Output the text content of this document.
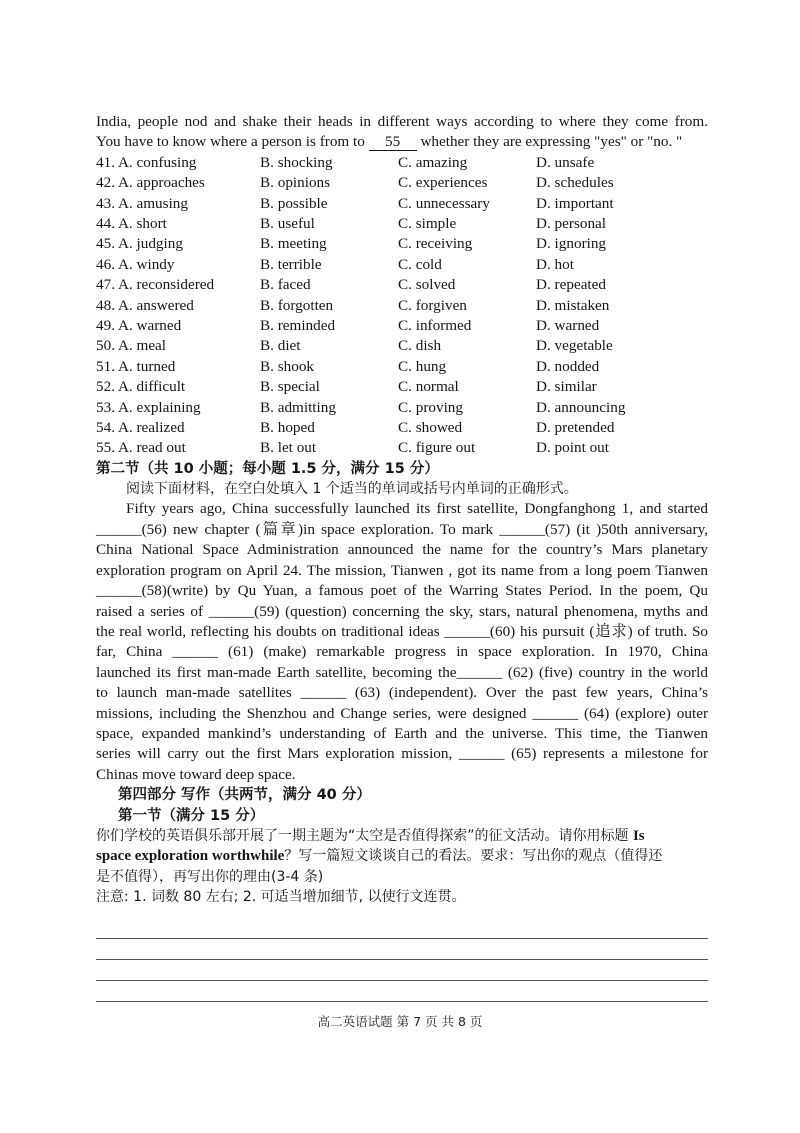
India, people nod and shake their heads in different ways according to where they come from.
You have to know where a person is from to 55 whether they are expressing "yes" or "no. "
41. A. confusing	B. shocking	C. amazing	D. unsafe
42. A. approaches	B. opinions	C. experiences	D. schedules
43. A. amusing	B. possible	C. unnecessary	D. important
44. A. short	B. useful	C. simple	D. personal
45. A. judging	B. meeting	C. receiving	D. ignoring
46. A. windy	B. terrible	C. cold	D. hot
47. A. reconsidered	B. faced	C. solved	D. repeated
48. A. answered	B. forgotten	C. forgiven	D. mistaken
49. A. warned	B. reminded	C. informed	D. warned
50. A. meal	B. diet	C. dish	D. vegetable
51. A. turned	B. shook	C. hung	D. nodded
52. A. difficult	B. special	C. normal	D. similar
53. A. explaining	B. admitting	C. proving	D. announcing
54. A. realized	B. hoped	C. showed	D. pretended
55. A. read out	B. let out	C. figure out	D. point out
第二节（共 10 小题；每小题 1.5 分，满分 15 分）
阅读下面材料，在空白处填入 1 个适当的单词或括号内单词的正确形式。
Fifty years ago, China successfully launched its first satellite, Dongfanghong 1, and started
______(56) new chapter (篇章)in space exploration. To mark ______(57) (it )50th anniversary,
China National Space Administration announced the name for the country’s Mars planetary
exploration program on April 24. The mission, Tianwen , got its name from a long poem Tianwen
______(58)(write) by Qu Yuan, a famous poet of the Warring States Period. In the poem, Qu
raised a series of ______(59) (question) concerning the sky, stars, natural phenomena, myths and
the real world, reflecting his doubts on traditional ideas ______(60) his pursuit (追求) of truth. So
far, China ______ (61) (make) remarkable progress in space exploration. In 1970, China
launched its first man-made Earth satellite, becoming the______ (62) (five) country in the world
to launch man-made satellites ______ (63) (independent). Over the past few years, China’s
missions, including the Shenzhou and Change series, were designed ______ (64) (explore) outer
space, expanded mankind’s understanding of Earth and the universe. This time, the Tianwen
series will carry out the first Mars exploration mission, ______ (65) represents a milestone for
Chinas move toward deep space.
第四部分 写作（共两节，满分 40 分）
第一节（满分 15 分）
你们学校的英语俱乐部开展了一期主题为“太空是否值得探索”的征文活动。请你用标题 Is
space exploration worthwhile？写一篇短文谈谈自己的看法。要求：写出你的观点（值得还
是不值得），再写出你的理由(3-4 条)
注意: 1. 词数 80 左右; 2. 可适当增加细节, 以使行文连贯。
高二英语试题 第 7 页 共 8 页
